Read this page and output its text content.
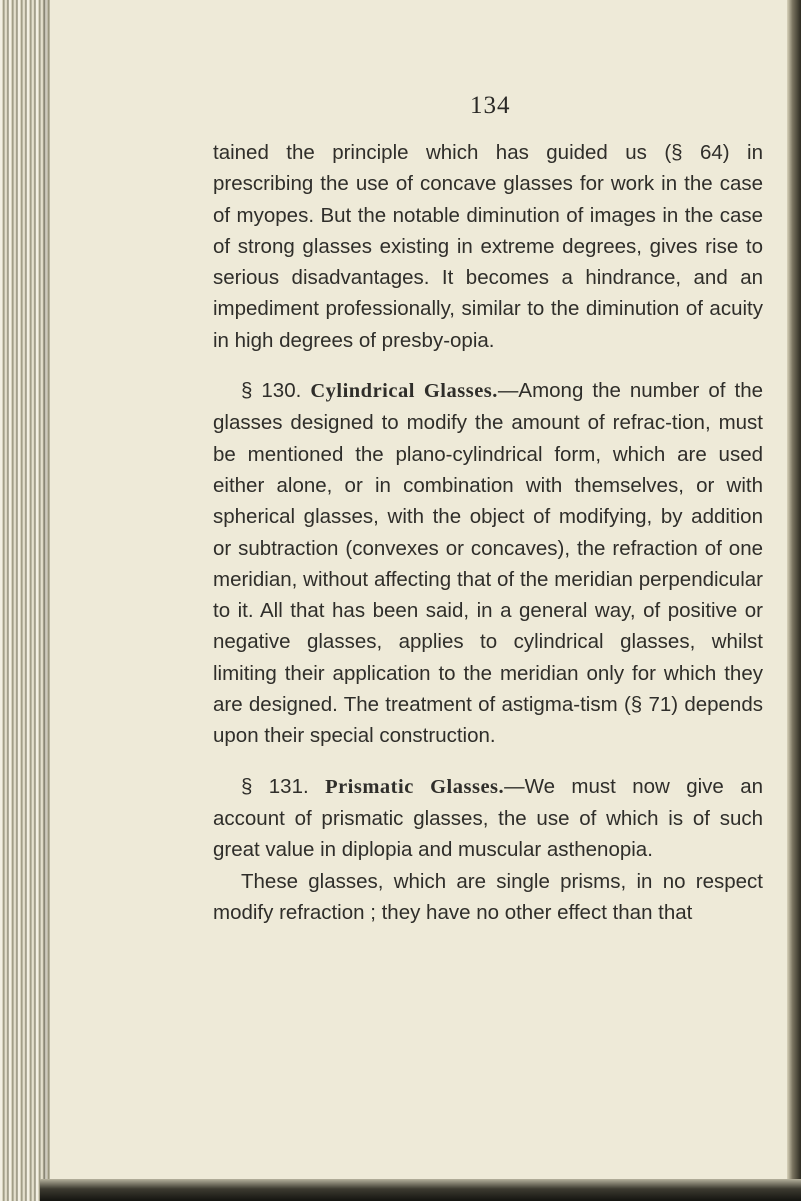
134

tained the principle which has guided us (§ 64) in prescribing the use of concave glasses for work in the case of myopes. But the notable diminution of images in the case of strong glasses existing in extreme degrees, gives rise to serious disadvantages. It becomes a hindrance, and an impediment professionally, similar to the diminution of acuity in high degrees of presby-opia.

§ 130. Cylindrical Glasses.—Among the number of the glasses designed to modify the amount of refrac-tion, must be mentioned the plano-cylindrical form, which are used either alone, or in combination with themselves, or with spherical glasses, with the object of modifying, by addition or subtraction (convexes or concaves), the refraction of one meridian, without affecting that of the meridian perpendicular to it. All that has been said, in a general way, of positive or negative glasses, applies to cylindrical glasses, whilst limiting their application to the meridian only for which they are designed. The treatment of astigma-tism (§ 71) depends upon their special construction.

§ 131. Prismatic Glasses.—We must now give an account of prismatic glasses, the use of which is of such great value in diplopia and muscular asthenopia.

These glasses, which are single prisms, in no respect modify refraction ; they have no other effect than that
